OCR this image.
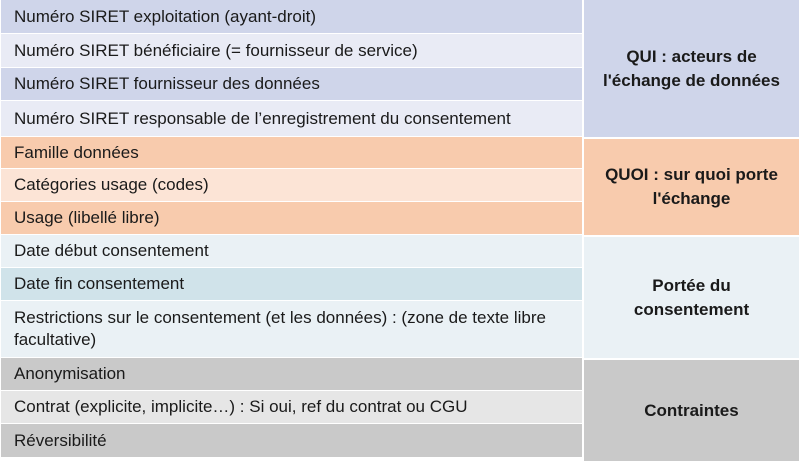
Numéro SIRET exploitation (ayant-droit)
Numéro SIRET bénéficiaire (= fournisseur de service)
Numéro SIRET fournisseur des données
Numéro SIRET responsable de l’enregistrement du consentement
Famille données
Catégories usage (codes)
Usage (libellé libre)
Date début consentement
Date fin consentement
Restrictions sur le consentement (et les données) : (zone de texte libre facultative)
Anonymisation
Contrat (explicite, implicite…) : Si oui, ref du contrat ou CGU
Réversibilité
QUI : acteurs de l'échange de données
QUOI : sur quoi porte l'échange
Portée du consentement
Contraintes
